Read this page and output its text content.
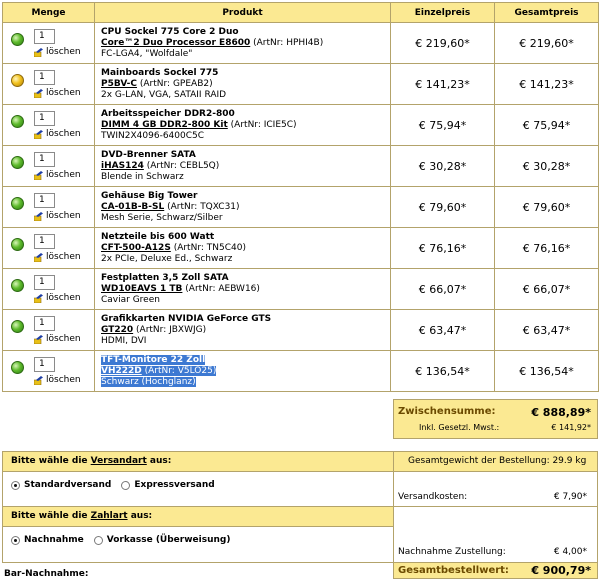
Menge	Produkt	Einzelpreis	Gesamtpreis

1
löschen	CPU Sockel 775 Core 2 Duo
Core™2 Duo Processor E8600 (ArtNr: HPHI4B)
FC-LGA4, "Wolfdale"	€ 219,60*	€ 219,60*

1
löschen	Mainboards Sockel 775
P5BV-C (ArtNr: GPEAB2)
2x G-LAN, VGA, SATAII RAID	€ 141,23*	€ 141,23*

1
löschen	Arbeitsspeicher DDR2-800
DIMM 4 GB DDR2-800 Kit (ArtNr: ICIE5C)
TWIN2X4096-6400C5C	€ 75,94*	€ 75,94*

1
löschen	DVD-Brenner SATA
iHAS124 (ArtNr: CEBL5Q)
Blende in Schwarz	€ 30,28*	€ 30,28*

1
löschen	Gehäuse Big Tower
CA-01B-B-SL (ArtNr: TQXC31)
Mesh Serie, Schwarz/Silber	€ 79,60*	€ 79,60*

1
löschen	Netzteile bis 600 Watt
CFT-500-A12S (ArtNr: TN5C40)
2x PCIe, Deluxe Ed., Schwarz	€ 76,16*	€ 76,16*

1
löschen	Festplatten 3,5 Zoll SATA
WD10EAVS 1 TB (ArtNr: AEBW16)
Caviar Green	€ 66,07*	€ 66,07*

1
löschen	Grafikkarten NVIDIA GeForce GTS
GT220 (ArtNr: JBXWJG)
HDMI, DVI	€ 63,47*	€ 63,47*

1
löschen	TFT-Monitore 22 Zoll
VH222D (ArtNr: V5LO25)
Schwarz (Hochglanz)	€ 136,54*	€ 136,54*
Zwischensumme:	€ 888,89*
Inkl. Gesetzl. Mwst.:	€ 141,92*
Bitte wähle die Versandart aus:	Gesamtgewicht der Bestellung: 29.9 kg
Standardversand	Expressversand
Versandkosten:	€ 7,90*
Bitte wähle die Zahlart aus:
Nachnahme	Vorkasse (Überweisung)
Nachnahme Zustellung:	€ 4,00*
Gesamtbestellwert: € 900,79*
Bar-Nachnahme:
